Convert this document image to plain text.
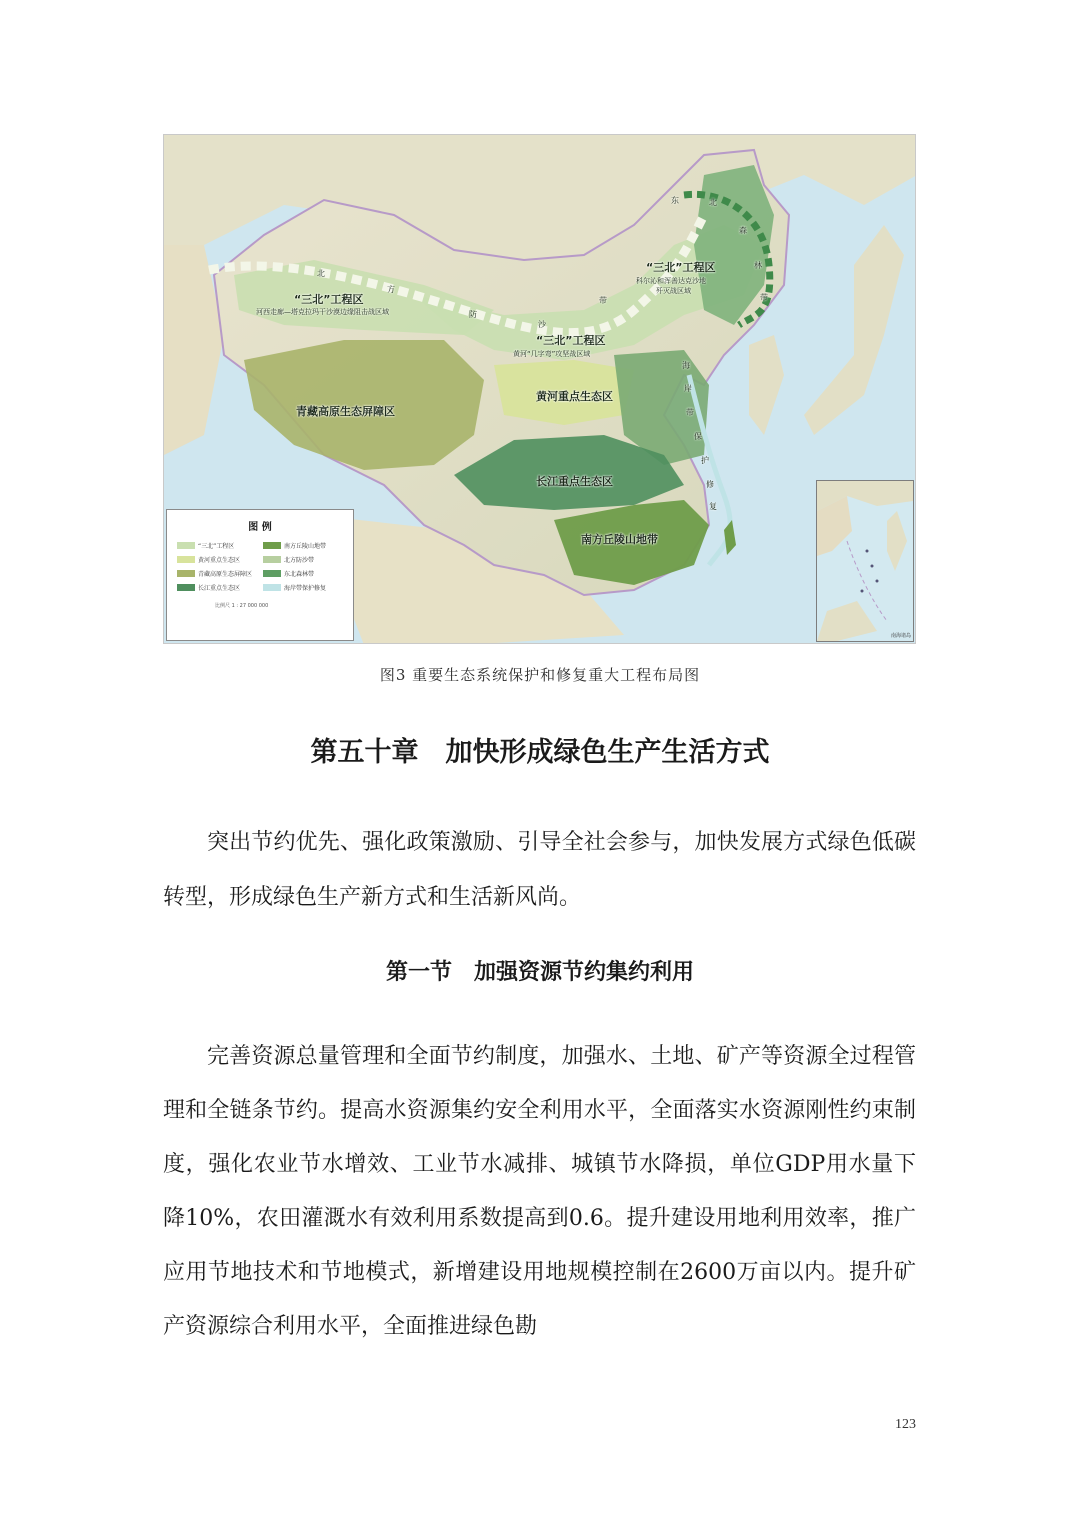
“三北”工程区
河西走廊—塔克拉玛干沙漠边缘阻击战区域
“三北”工程区
科尔沁和浑善达克沙地
歼灭战区域
“三北”工程区
黄河“几字弯”攻坚战区域
青藏高原生态屏障区
黄河重点生态区
长江重点生态区
南方丘陵山地带
北
方
防
沙
带
东	北
森
林
带
海
岸
带
保
护
修
复
图 例
“三北”工程区	南方丘陵山地带
黄河重点生态区	北方防沙带
青藏高原生态屏障区	东北森林带
长江重点生态区	海岸带保护修复
比例尺 1 : 27 000 000
南海诸岛
图3 重要生态系统保护和修复重大工程布局图
第五十章　加快形成绿色生产生活方式

突出节约优先、强化政策激励、引导全社会参与，加快发展方式绿色低碳转型，形成绿色生产新方式和生活新风尚。

第一节　加强资源节约集约利用

完善资源总量管理和全面节约制度，加强水、土地、矿产等资源全过程管理和全链条节约。提高水资源集约安全利用水平，全面落实水资源刚性约束制度，强化农业节水增效、工业节水减排、城镇节水降损，单位GDP用水量下降10%，农田灌溉水有效利用系数提高到0.6。提升建设用地利用效率，推广应用节地技术和节地模式，新增建设用地规模控制在2600万亩以内。提升矿产资源综合利用水平，全面推进绿色勘

123
